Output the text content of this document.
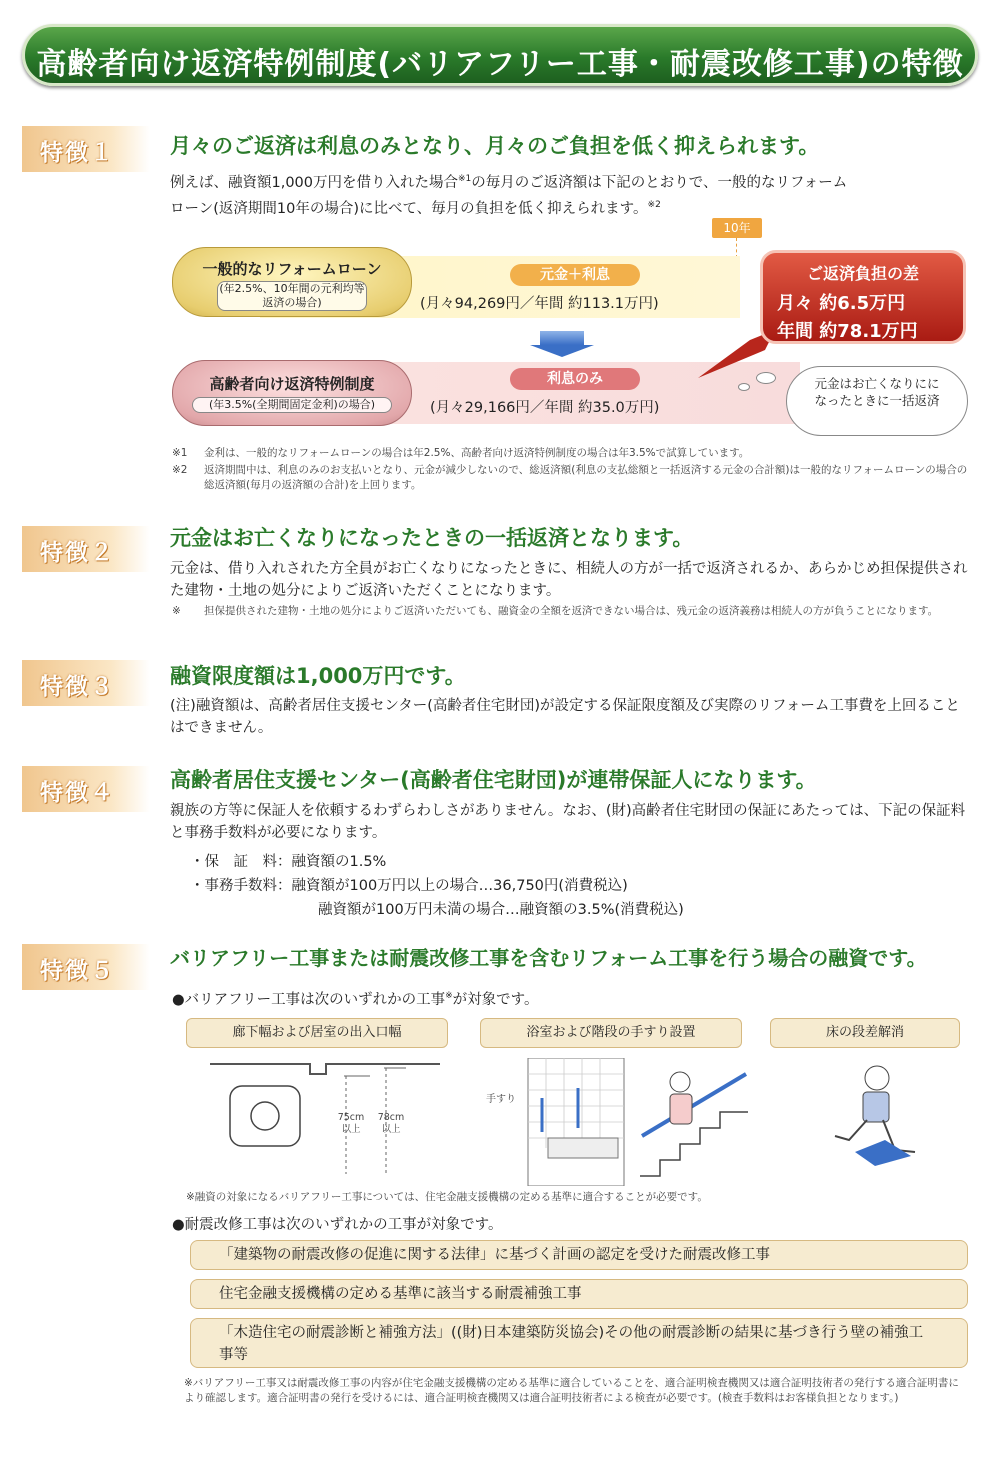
高齢者向け返済特例制度(バリアフリー工事・耐震改修工事)の特徴
特徴１	月々のご返済は利息のみとなり、月々のご負担を低く抑えられます。
例えば、融資額1,000万円を借り入れた場合$^{※1}$の毎月のご返済額は下記のとおりで、一般的なリフォーム
ローン(返済期間10年の場合)に比べて、毎月の負担を低く抑えられます。$^{※2}$
10年
元金＋利息
(月々94,269円／年間 約113.1万円)
一般的なリフォームローン
(年2.5%、10年間の元利均等返済の場合)
利息のみ
(月々29,166円／年間 約35.0万円)
高齢者向け返済特例制度
(年3.5%(全期間固定金利)の場合)
ご返済負担の差
月々 約6.5万円
年間 約78.1万円
元金はお亡くなりにになったときに一括返済
※1 金利は、一般的なリフォームローンの場合は年2.5%、高齢者向け返済特例制度の場合は年3.5%で試算しています。
※2 返済期間中は、利息のみのお支払いとなり、元金が減少しないので、総返済額(利息の支払総額と一括返済する元金の合計額)は一般的なリフォームローンの場合の総返済額(毎月の返済額の合計)を上回ります。
特徴２
元金はお亡くなりになったときの一括返済となります。
元金は、借り入れされた方全員がお亡くなりになったときに、相続人の方が一括で返済されるか、あらかじめ担保提供された建物・土地の処分によりご返済いただくことになります。
※ 担保提供された建物・土地の処分によりご返済いただいても、融資金の全額を返済できない場合は、残元金の返済義務は相続人の方が負うことになります。
特徴３	融資限度額は1,000万円です。
(注)融資額は、高齢者居住支援センター(高齢者住宅財団)が設定する保証限度額及び実際のリフォーム工事費を上回ることはできません。
特徴４	高齢者居住支援センター(高齢者住宅財団)が連帯保証人になります。
親族の方等に保証人を依頼するわずらわしさがありません。なお、(財)高齢者住宅財団の保証にあたっては、下記の保証料と事務手数料が必要になります。
・保　証　料：融資額の1.5%
・事務手数料：融資額が100万円以上の場合…36,750円(消費税込)
融資額が100万円未満の場合…融資額の3.5%(消費税込)
特徴５	バリアフリー工事または耐震改修工事を含むリフォーム工事を行う場合の融資です。
●バリアフリー工事は次のいずれかの工事※が対象です。
廊下幅および居室の出入口幅	浴室および階段の手すり設置	床の段差解消
75cm以上
78cm以上
手すり
※融資の対象になるバリアフリー工事については、住宅金融支援機構の定める基準に適合することが必要です。
●耐震改修工事は次のいずれかの工事が対象です。
「建築物の耐震改修の促進に関する法律」に基づく計画の認定を受けた耐震改修工事
住宅金融支援機構の定める基準に該当する耐震補強工事
「木造住宅の耐震診断と補強方法」((財)日本建築防災協会)その他の耐震診断の結果に基づき行う壁の補強工事等
※バリアフリー工事又は耐震改修工事の内容が住宅金融支援機構の定める基準に適合していることを、適合証明検査機関又は適合証明技術者の発行する適合証明書により確認します。適合証明書の発行を受けるには、適合証明検査機関又は適合証明技術者による検査が必要です。(検査手数料はお客様負担となります。)
